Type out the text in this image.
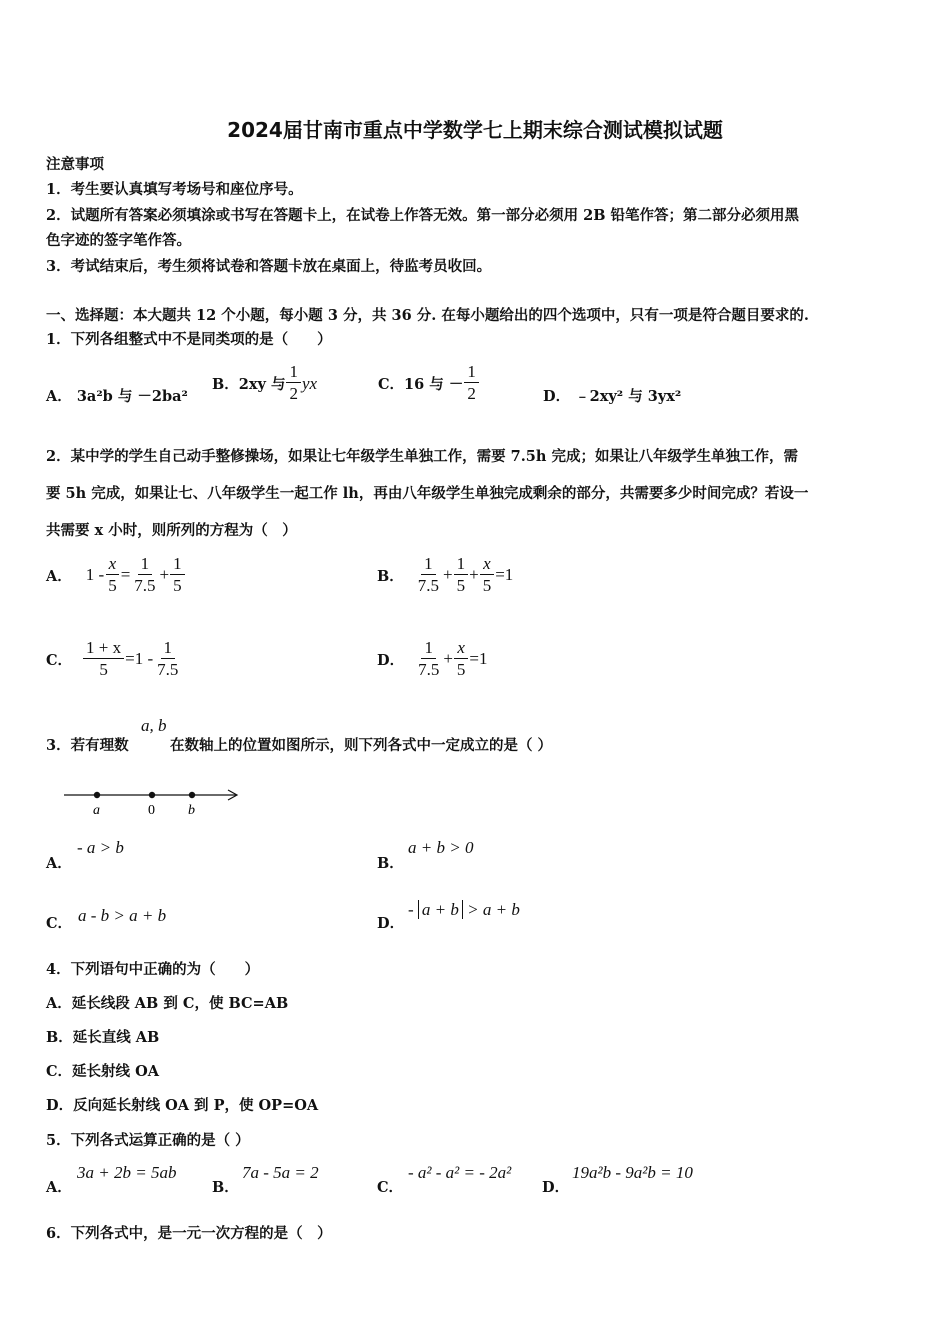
2024届甘南市重点中学数学七上期末综合测试模拟试题
注意事项
1．考生要认真填写考场号和座位序号。
2．试题所有答案必须填涂或书写在答题卡上，在试卷上作答无效。第一部分必须用 2B 铅笔作答；第二部分必须用黑
色字迹的签字笔作答。
3．考试结束后，考生须将试卷和答题卡放在桌面上，待监考员收回。
一、选择题：本大题共 12 个小题，每小题 3 分，共 36 分. 在每小题给出的四个选项中，只有一项是符合题目要求的.
1．下列各组整式中不是同类项的是（　　）
A． 3a²b 与 －2ba²
B． 2xy 与 $\frac{1}{2}$ yx	C． 16 与 － $\frac{1}{2}$	D． ﹣2xy² 与 3yx²
2．某中学的学生自己动手整修操场，如果让七年级学生单独工作，需要 7.5h 完成；如果让八年级学生单独工作，需
要 5h 完成，如果让七、八年级学生一起工作 lh，再由八年级学生单独完成剩余的部分，共需要多少时间完成？若设一
共需要 x 小时，则所列的方程为（　）
A． $1 - \frac{x}{5} = \frac{1}{7.5} + \frac{1}{5}$	B． $\frac{1}{7.5} + \frac{1}{5} + \frac{x}{5} =1$
C． $\frac{1 + x}{5} =1 - \frac{1}{7.5}$	D． $\frac{1}{7.5} + \frac{x}{5} =1$
3．若有理数
a, b
在数轴上的位置如图所示，则下列各式中一定成立的是（ ）
a	0 b
A．
- a > b
B．
a + b > 0
C． a - b > a + b	D．
- a + b > a + b
4．下列语句中正确的为（　　）
A．延长线段 AB 到 C，使 BC=AB
B．延长直线 AB
C．延长射线 OA
D．反向延长射线 OA 到 P，使 OP=OA
5．下列各式运算正确的是（ ）
A．
3a + 2b = 5ab
B．
7a - 5a = 2
C．
- a² - a² = - 2a²
D．
19a²b - 9a²b = 10
6．下列各式中，是一元一次方程的是（　）
